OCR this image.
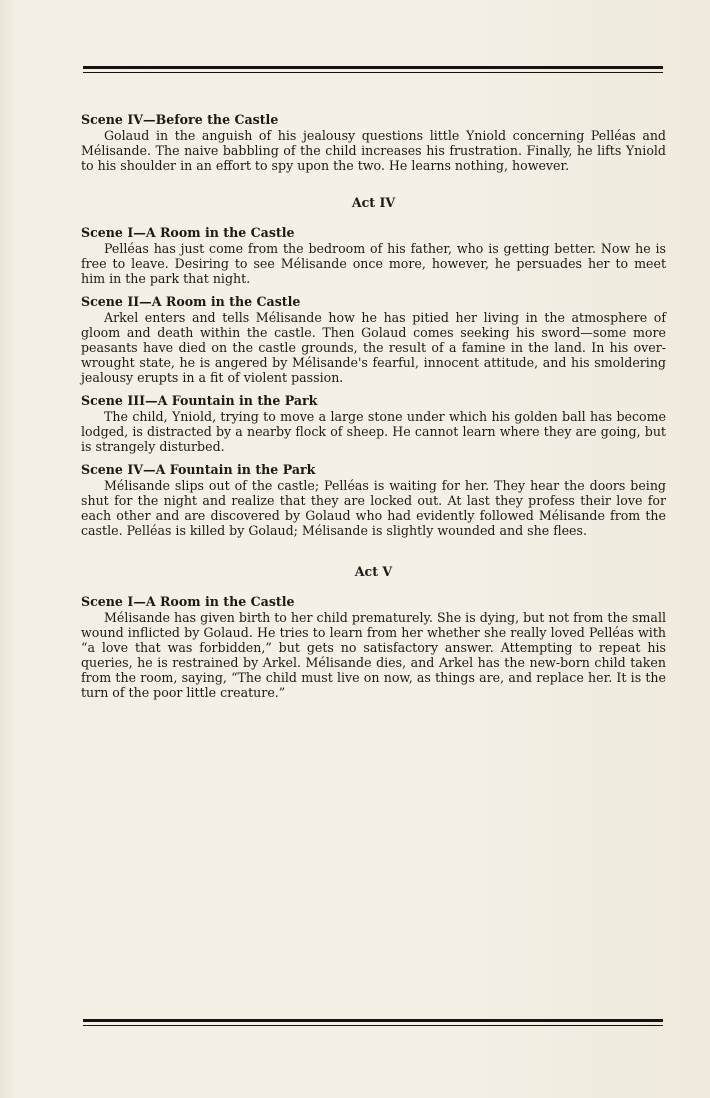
Scene IV—Before the Castle

Golaud in the anguish of his jealousy questions little Yniold concerning Pelléas and Mélisande. The naive babbling of the child increases his frustration. Finally, he lifts Yniold to his shoulder in an effort to spy upon the two. He learns nothing, however.

Act IV

Scene I—A Room in the Castle

Pelléas has just come from the bedroom of his father, who is getting better. Now he is free to leave. Desiring to see Mélisande once more, however, he persuades her to meet him in the park that night.

Scene II—A Room in the Castle

Arkel enters and tells Mélisande how he has pitied her living in the atmosphere of gloom and death within the castle. Then Golaud comes seeking his sword—some more peasants have died on the castle grounds, the result of a famine in the land. In his over-wrought state, he is angered by Mélisande's fearful, innocent attitude, and his smoldering jealousy erupts in a fit of violent passion.

Scene III—A Fountain in the Park

The child, Yniold, trying to move a large stone under which his golden ball has become lodged, is distracted by a nearby flock of sheep. He cannot learn where they are going, but is strangely disturbed.

Scene IV—A Fountain in the Park

Mélisande slips out of the castle; Pelléas is waiting for her. They hear the doors being shut for the night and realize that they are locked out. At last they profess their love for each other and are discovered by Golaud who had evidently followed Mélisande from the castle. Pelléas is killed by Golaud; Mélisande is slightly wounded and she flees.

Act V

Scene I—A Room in the Castle

Mélisande has given birth to her child prematurely. She is dying, but not from the small wound inflicted by Golaud. He tries to learn from her whether she really loved Pelléas with “a love that was forbidden,” but gets no satisfactory answer. Attempting to repeat his queries, he is restrained by Arkel. Mélisande dies, and Arkel has the new-born child taken from the room, saying, “The child must live on now, as things are, and replace her. It is the turn of the poor little creature.”
